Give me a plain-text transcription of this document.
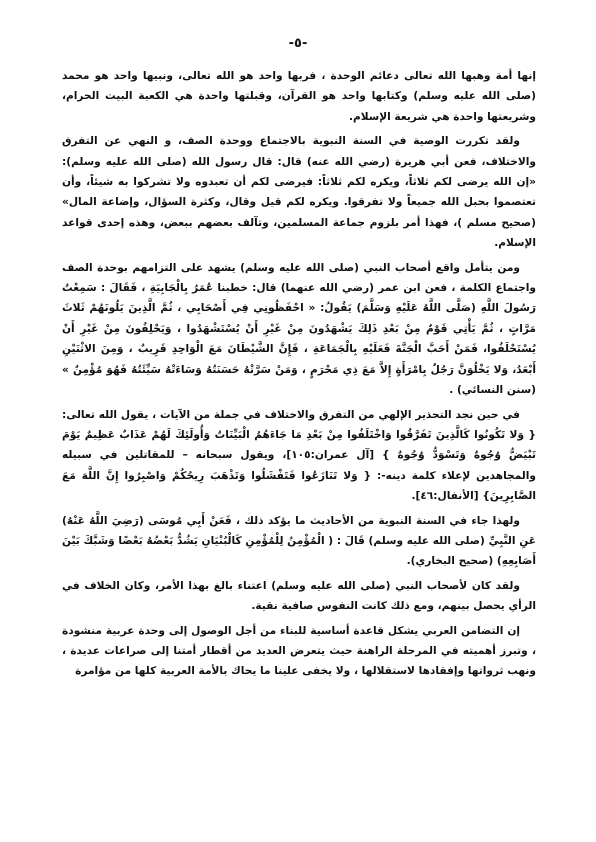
-٥-

إنها أمة وهبها الله تعالى دعائم الوحدة ، فربها واحد هو الله تعالى، ونبيها واحد هو محمد (صلى الله عليه وسلم) وكتابها واحد هو القرآن، وقبلتها واحدة هي الكعبة البيت الحرام، وشريعتها واحدة هي شريعة الإسلام.

ولقد تكررت الوصية في السنة النبوية بالاجتماع ووحدة الصف، و النهي عن التفرق والاختلاف، فعن أبي هريرة (رضي الله عنه) قال: قال رسول الله (صلى الله عليه وسلم): «إن الله يرضى لكم ثلاثاً، ويكره لكم ثلاثاً: فيرضى لكم أن تعبدوه ولا تشركوا به شيئاً، وأن تعتصموا بحبل الله جميعاً ولا تفرقوا. ويكره لكم قيل وقال، وكثرة السؤال، وإضاعة المال» (صحيح مسلم )، فهذا أمر بلزوم جماعة المسلمين، وتآلف بعضهم ببعض، وهذه إحدى قواعد الإسلام.

ومن يتأمل واقع أصحاب النبي (صلى الله عليه وسلم) يشهد على التزامهم بوحدة الصف واجتماع الكلمة ، فعن ابن عمر (رضي الله عنهما) قال: خطبنا عُمَرُ بِالْجَابِيَةِ ، فَقَالَ : سَمِعْتُ رَسُولَ اللَّهِ (صَلَّى اللَّهُ عَلَيْهِ وَسَلَّمَ) يَقُولُ: « احْفَظُونِي فِي أَصْحَابِي ، ثُمَّ الَّذِينَ يَلُونَهُمْ ثَلاثَ مَرَّاتٍ ، ثُمَّ يَأْتِي قَوْمٌ مِنْ بَعْدِ ذَلِكَ يَشْهَدُونَ مِنْ غَيْرِ أَنْ يُسْتَشْهَدُوا ، وَيَحْلِفُونَ مِنْ غَيْرِ أَنْ يُسْتَحْلَفُوا، فَمَنْ أَحَبَّ الْجَنَّةَ فَعَلَيْهِ بِالْجَمَاعَةِ ، فَإِنَّ الشَّيْطَانَ مَعَ الْوَاحِدِ قَرِيبٌ ، وَمِنَ الاثْنَيْنِ أَبْعَدُ، وَلا يَخْلُوَنَّ رَجُلٌ بِامْرَأَةٍ إِلاَّ مَعَ ذِي مَحْرَمٍ ، وَمَنْ سَرَّتْهُ حَسَنَتُهُ وَسَاءَتْهُ سَيِّئَتُهُ فَهُوَ مُؤْمِنٌ » (سنن النسائي) .

في حين نجد التحذير الإلهي من التفرق والاختلاف في جملة من الآيات ، يقول الله تعالى: { وَلا تَكُونُوا كَالَّذِينَ تَفَرَّقُوا وَاخْتَلَفُوا مِنْ بَعْدِ مَا جَاءَهُمُ الْبَيِّنَاتُ وَأُولَئِكَ لَهُمْ عَذَابٌ عَظِيمٌ يَوْمَ تَبْيَضُّ وُجُوهٌ وَتَسْوَدُّ وُجُوهٌ } [آل عمران:١٠٥]، ويقول سبحانه – للمقاتلين في سبيله والمجاهدين لإعلاء كلمة دينه-: { وَلا تَنَازَعُوا فَتَفْشَلُوا وَتَذْهَبَ رِيحُكُمْ وَاصْبِرُوا إِنَّ اللَّهَ مَعَ الصَّابِرِينَ} [الأنفال:٤٦].

ولهذا جاء في السنة النبوية من الأحاديث ما يؤكد ذلك ، فَعَنْ أَبِي مُوسَى (رَضِيَ اللَّهُ عَنْهُ) عَنِ النَّبِيِّ (صلى الله عليه وسلم) قَالَ : ( الْمُؤْمِنُ لِلْمُؤْمِنِ كَالْبُنْيَانِ يَشُدُّ بَعْضُهُ بَعْضًا وَشَبَّكَ بَيْنَ أَصَابِعِهِ) (صحيح البخاري).

ولقد كان لأصحاب النبي (صلى الله عليه وسلم) اعتناء بالغ بهذا الأمر، وكان الخلاف في الرأي يحصل بينهم، ومع ذلك كانت النفوس صافية نقية.

إن التضامن العربي يشكل قاعدة أساسية للبناء من أجل الوصول إلى وحدة عربية منشودة ، وتبرز أهميته في المرحلة الراهنة حيث يتعرض العديد من أقطار أمتنا إلى صراعات عديدة ، ونهب ثرواتها وإفقادها لاستقلالها ، ولا يخفى علينا ما يحاك بالأمة العربية كلها من مؤامرة
